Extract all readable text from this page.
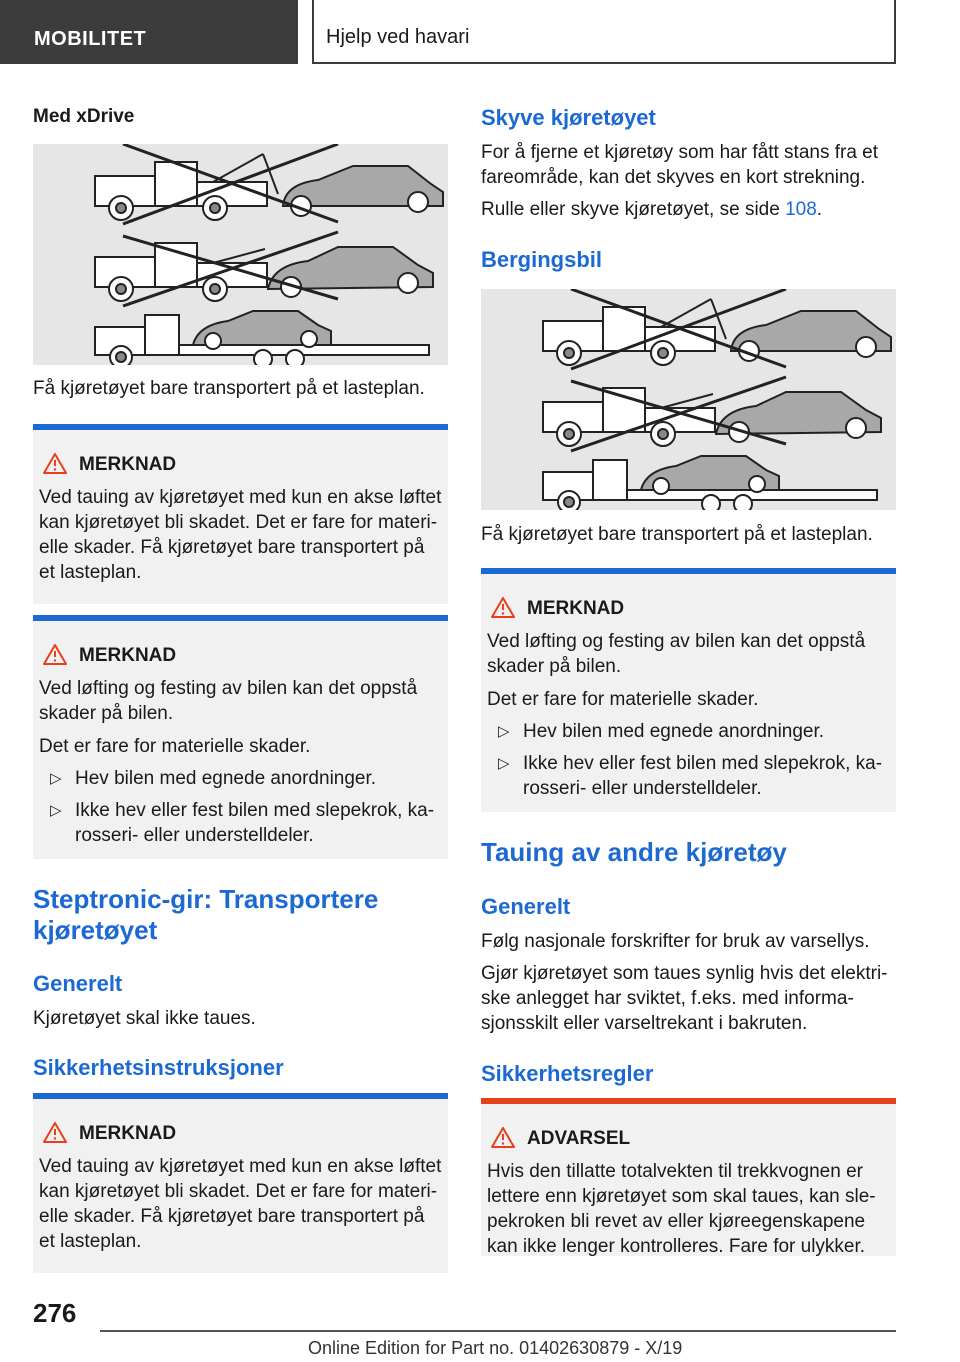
MOBILITET	Hjelp ved havari
Med xDrive
Få kjøretøyet bare transportert på et lasteplan.
MERKNAD
Ved tauing av kjøretøyet med kun en akse løftet kan kjøretøyet bli skadet. Det er fare for materi-elle skader. Få kjøretøyet bare transportert på et lasteplan.
MERKNAD
Ved løfting og festing av bilen kan det oppstå skader på bilen.
Det er fare for materielle skader.
▷ Hev bilen med egnede anordninger.
▷ Ikke hev eller fest bilen med slepekrok, ka-rosseri- eller understelldeler.
Steptronic-gir: Transportere kjøretøyet
Generelt
Kjøretøyet skal ikke taues.
Sikkerhetsinstruksjoner
MERKNAD
Ved tauing av kjøretøyet med kun en akse løftet kan kjøretøyet bli skadet. Det er fare for materi-elle skader. Få kjøretøyet bare transportert på et lasteplan.
Skyve kjøretøyet
For å fjerne et kjøretøy som har fått stans fra et fareområde, kan det skyves en kort strekning.
Rulle eller skyve kjøretøyet, se side 108.
Bergingsbil
Få kjøretøyet bare transportert på et lasteplan.
MERKNAD
Ved løfting og festing av bilen kan det oppstå skader på bilen.
Det er fare for materielle skader.
▷ Hev bilen med egnede anordninger.
▷ Ikke hev eller fest bilen med slepekrok, ka-rosseri- eller understelldeler.
Tauing av andre kjøretøy
Generelt
Følg nasjonale forskrifter for bruk av varsellys.
Gjør kjøretøyet som taues synlig hvis det elektri-ske anlegget har sviktet, f.eks. med informa-sjonsskilt eller varseltrekant i bakruten.
Sikkerhetsregler
ADVARSEL
Hvis den tillatte totalvekten til trekkvognen er lettere enn kjøretøyet som skal taues, kan sle-pekroken bli revet av eller kjøreegenskapene kan ikke lenger kontrolleres. Fare for ulykker.
276
Online Edition for Part no. 01402630879 - X/19
